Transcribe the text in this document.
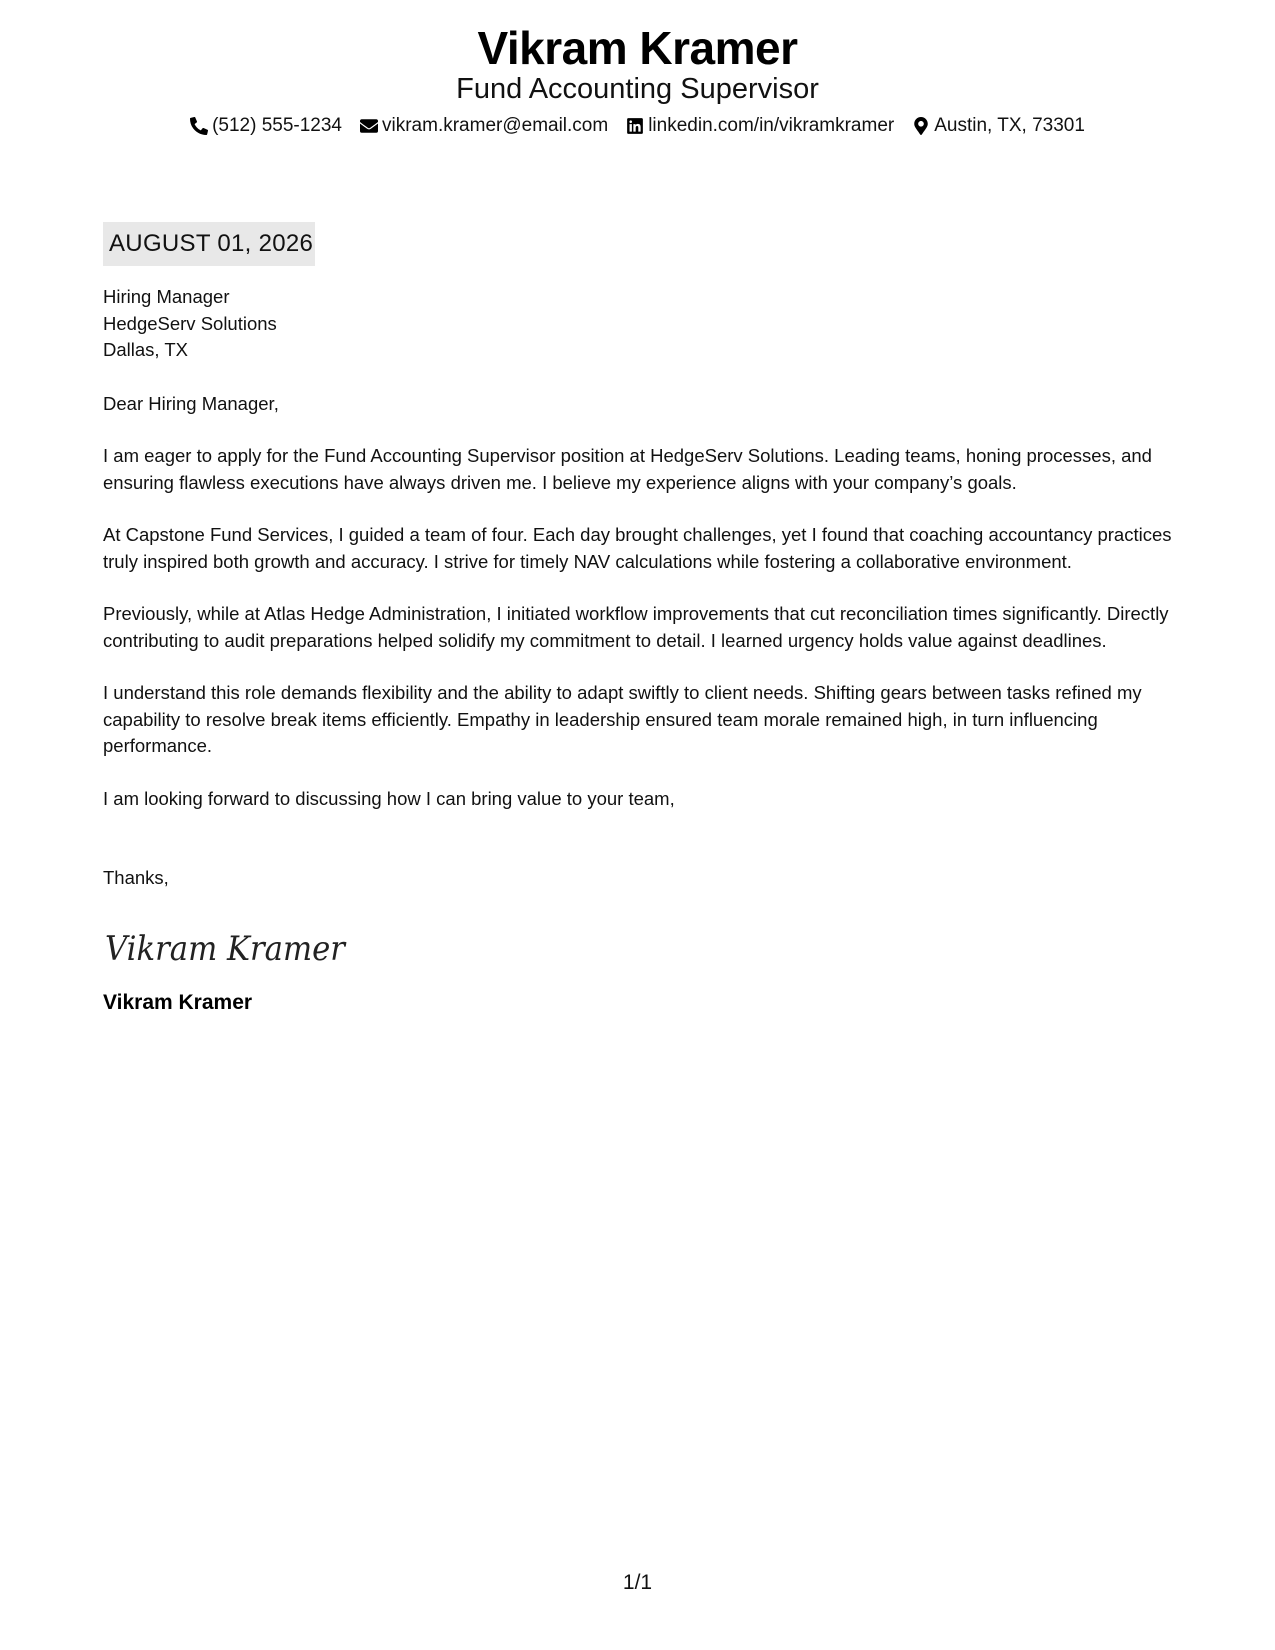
Vikram Kramer
Fund Accounting Supervisor
(512) 555-1234 vikram.kramer@email.com linkedin.com/in/vikramkramer Austin, TX, 73301
AUGUST 01, 2026
Hiring Manager
HedgeServ Solutions
Dallas, TX
Dear Hiring Manager,
I am eager to apply for the Fund Accounting Supervisor position at HedgeServ Solutions. Leading teams, honing processes, and ensuring flawless executions have always driven me. I believe my experience aligns with your company’s goals.
At Capstone Fund Services, I guided a team of four. Each day brought challenges, yet I found that coaching accountancy practices truly inspired both growth and accuracy. I strive for timely NAV calculations while fostering a collaborative environment.
Previously, while at Atlas Hedge Administration, I initiated workflow improvements that cut reconciliation times significantly. Directly contributing to audit preparations helped solidify my commitment to detail. I learned urgency holds value against deadlines.
I understand this role demands flexibility and the ability to adapt swiftly to client needs. Shifting gears between tasks refined my capability to resolve break items efficiently. Empathy in leadership ensured team morale remained high, in turn influencing performance.
I am looking forward to discussing how I can bring value to your team,
Thanks,
Vikram Kramer
Vikram Kramer
1/1
